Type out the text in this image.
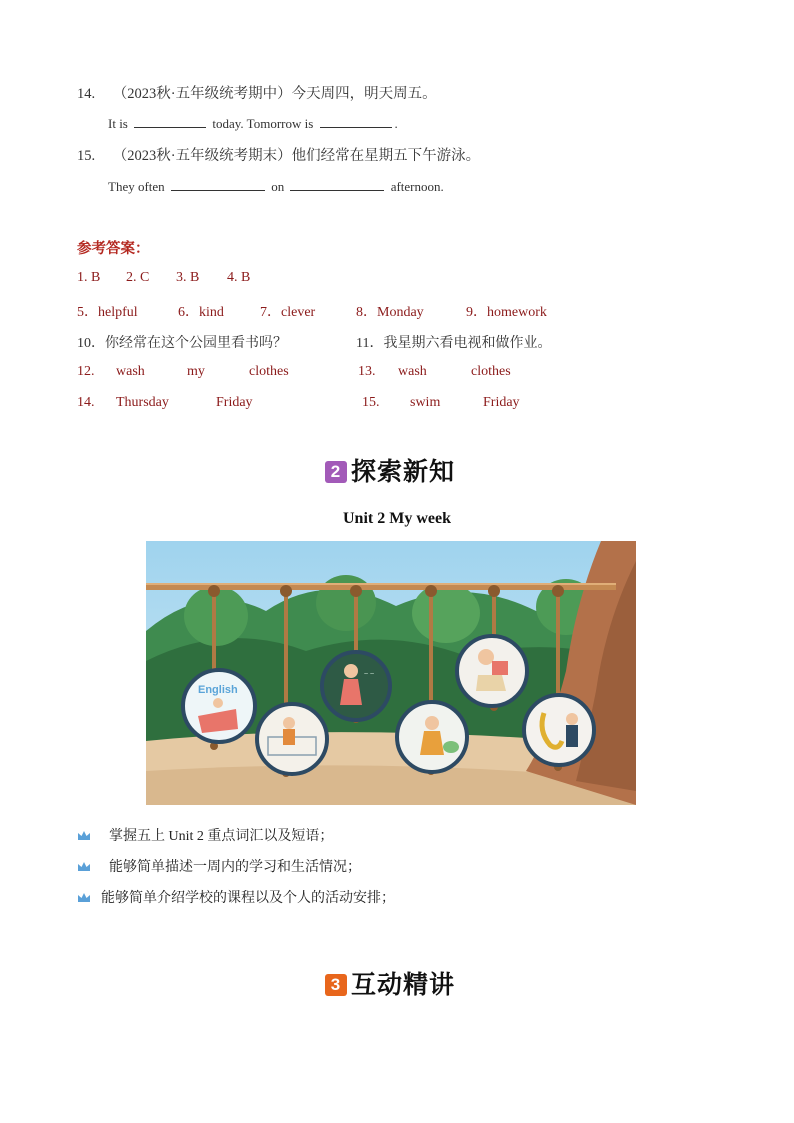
14. （2023秋·五年级统考期中）今天周四，明天周五。
It is	today. Tomorrow is	.
15. （2023秋·五年级统考期末）他们经常在星期五下午游泳。
They often	on	afternoon.
参考答案：
1. B 2. C 3. B 4. B
5．helpful	6．kind	7．clever	8．Monday	9．homework
10．你经常在这个公园里看书吗？	11．我星期六看电视和做作业。
12. wash	my	clothes	13. wash	clothes
14. Thursday	Friday	15. swim	Friday
2 探索新知
Unit 2 My week
English
~ ~
掌握五上 Unit 2 重点词汇以及短语；
能够简单描述一周内的学习和生活情况；
能够简单介绍学校的课程以及个人的活动安排；
3 互动精讲
